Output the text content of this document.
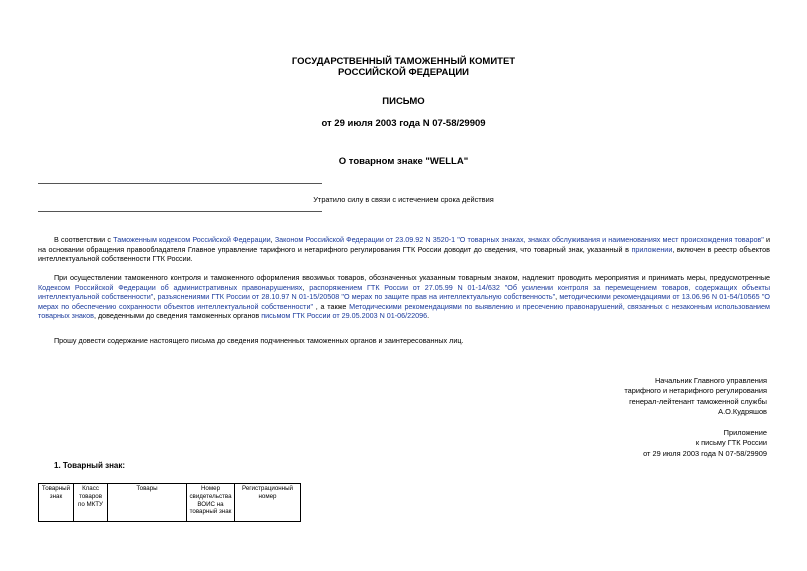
ГОСУДАРСТВЕННЫЙ ТАМОЖЕННЫЙ КОМИТЕТ
РОССИЙСКОЙ ФЕДЕРАЦИИ
ПИСЬМО
от 29 июля 2003 года N 07-58/29909
О товарном знаке "WELLA"
Утратило силу в связи с истечением срока действия
В соответствии с Таможенным кодексом Российской Федерации, Законом Российской Федерации от 23.09.92 N 3520-1 "О товарных знаках, знаках обслуживания и наименованиях мест происхождения товаров" и на основании обращения правообладателя Главное управление тарифного и нетарифного регулирования ГТК России доводит до сведения, что товарный знак, указанный в приложении, включен в реестр объектов интеллектуальной собственности ГТК России.
При осуществлении таможенного контроля и таможенного оформления ввозимых товаров, обозначенных указанным товарным знаком, надлежит проводить мероприятия и принимать меры, предусмотренные Кодексом Российской Федерации об административных правонарушениях, распоряжением ГТК России от 27.05.99 N 01-14/632 "Об усилении контроля за перемещением товаров, содержащих объекты интеллектуальной собственности", разъяснениями ГТК России от 28.10.97 N 01-15/20508 "О мерах по защите прав на интеллектуальную собственность", методическими рекомендациями от 13.06.96 N 01-54/10565 "О мерах по обеспечению сохранности объектов интеллектуальной собственности" , а также Методическими рекомендациями по выявлению и пресечению правонарушений, связанных с незаконным использованием товарных знаков, доведенными до сведения таможенных органов письмом ГТК России от 29.05.2003 N 01-06/22096.
Прошу довести содержание настоящего письма до сведения подчиненных таможенных органов и заинтересованных лиц.
Начальник Главного управления
тарифного и нетарифного регулирования
генерал-лейтенант таможенной службы
А.О.Кудряшов
Приложение
к письму ГТК России
от 29 июля 2003 года N 07-58/29909
1. Товарный знак:
Товарный знак	Класс товаров по МКТУ	Товары	Номер свидетельства ВОИС на товарный знак	Регистрационный номер
